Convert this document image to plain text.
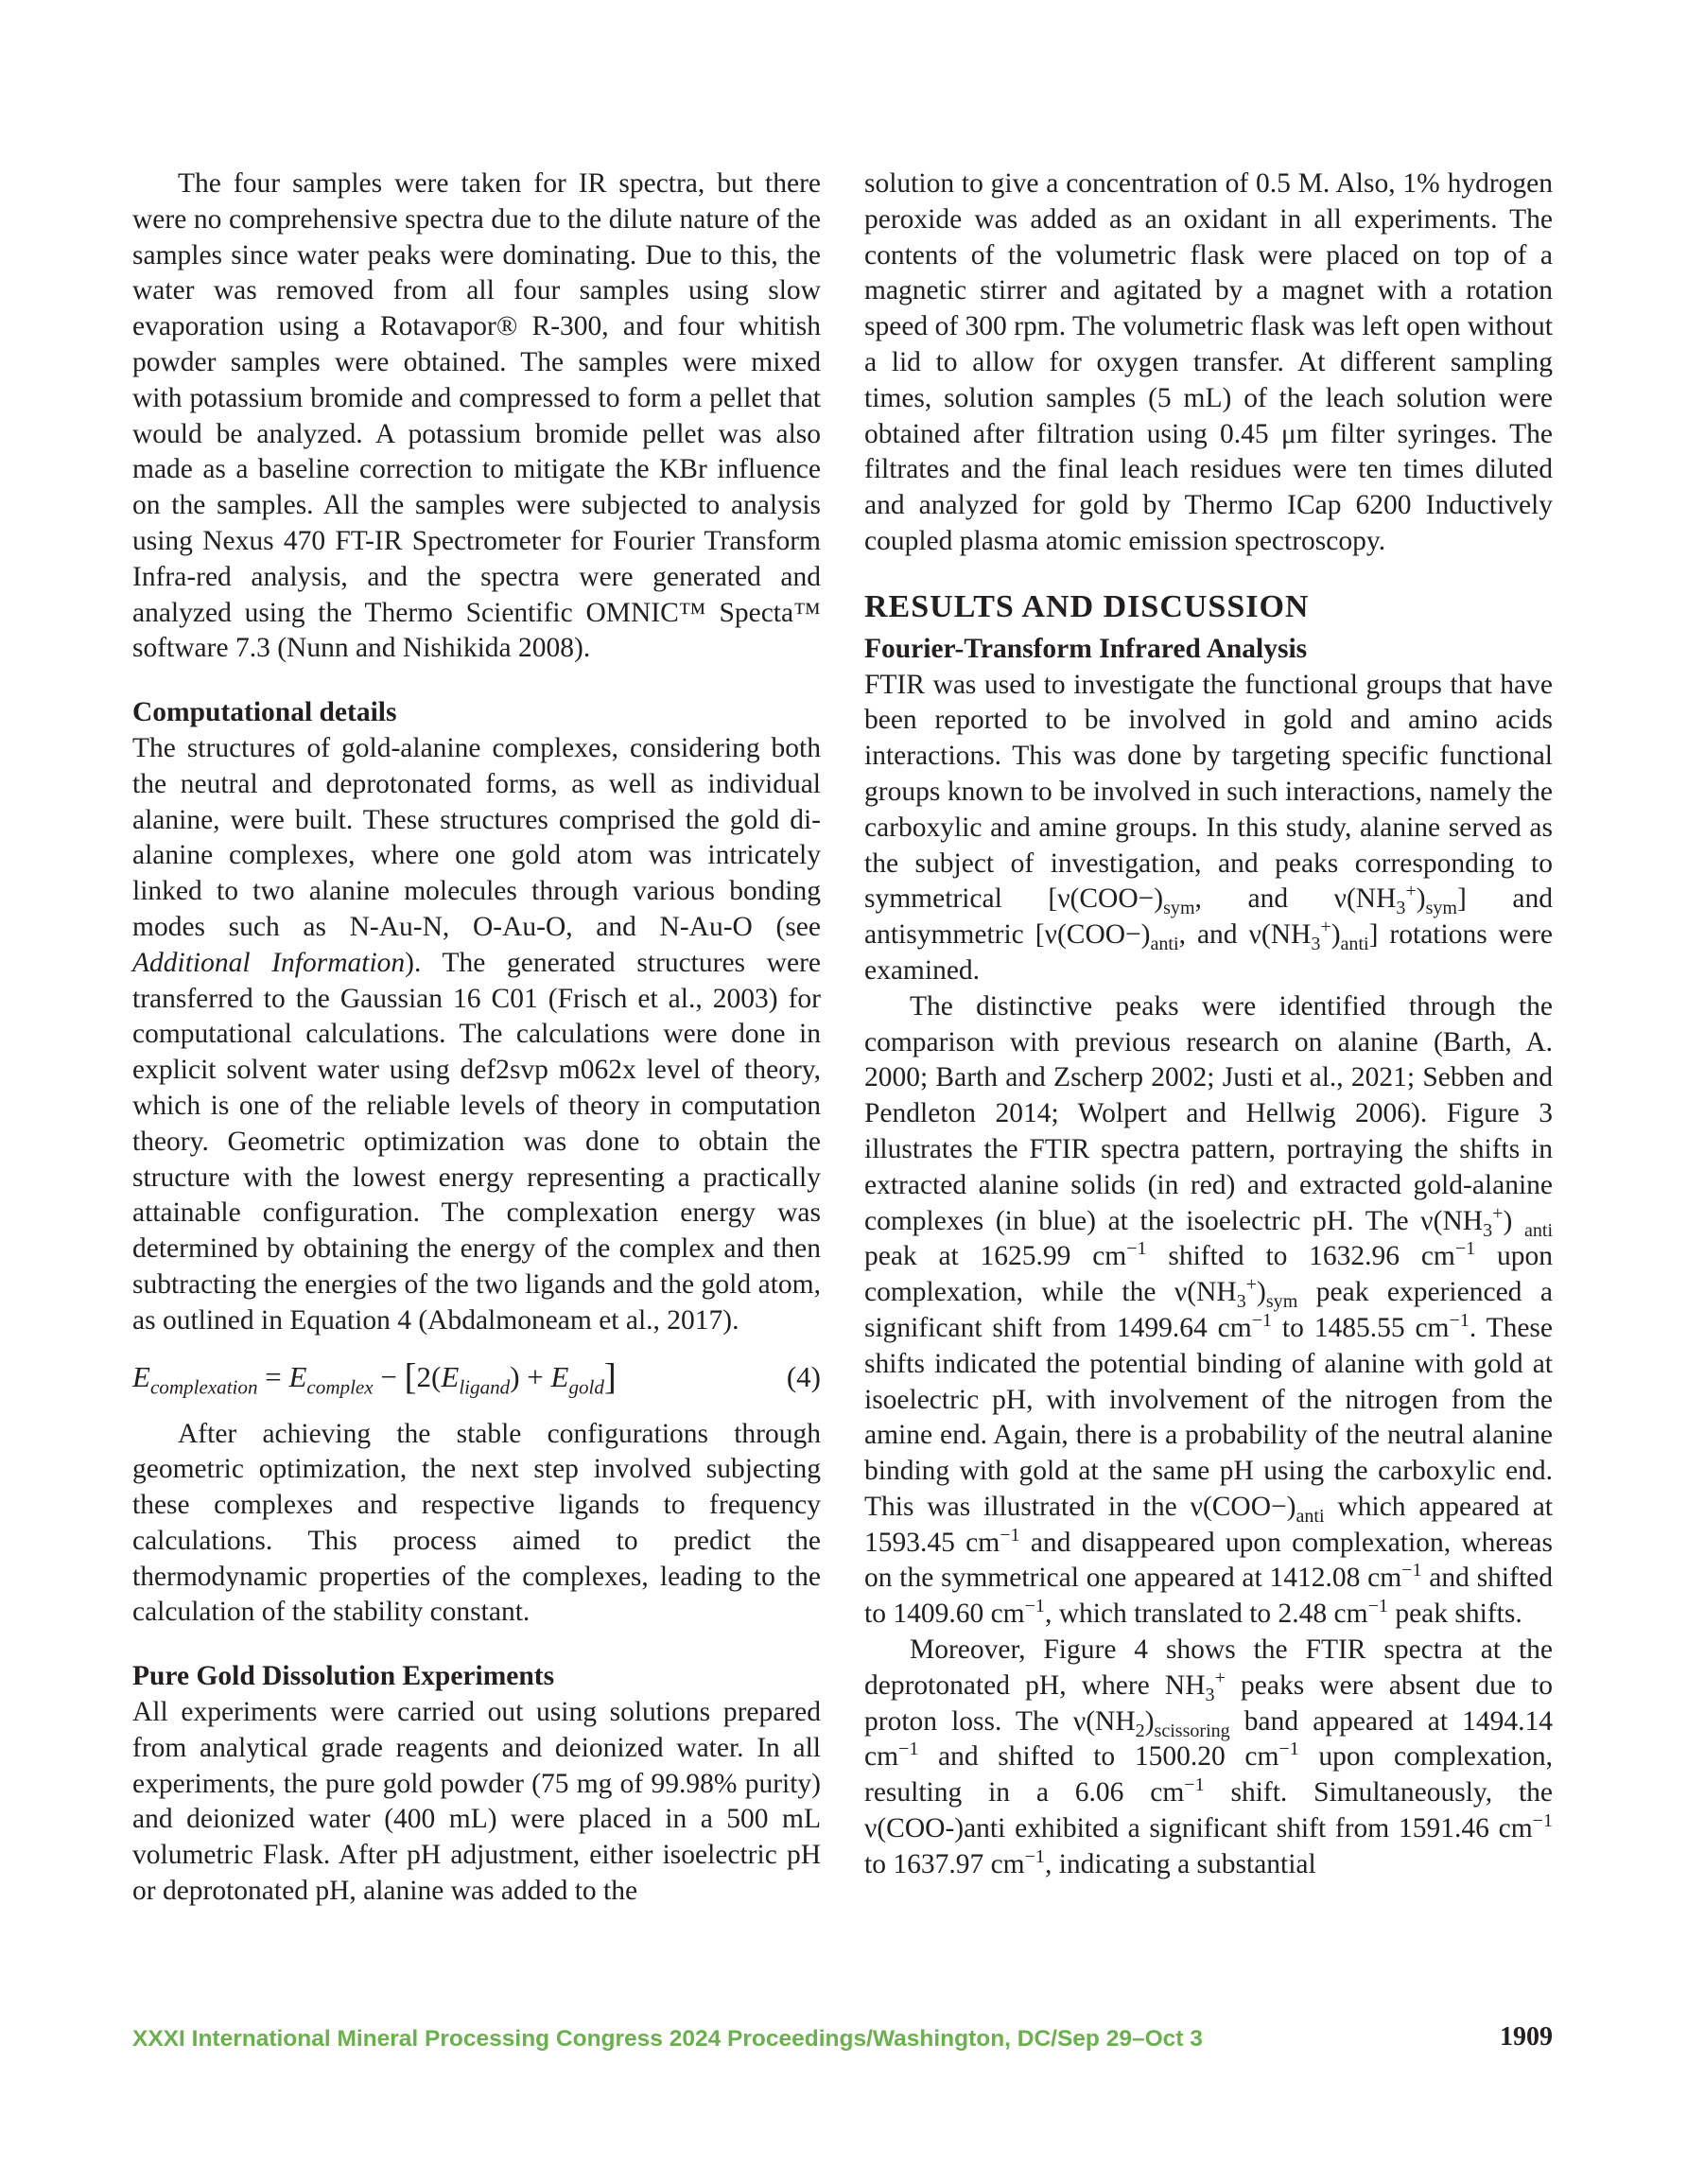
The four samples were taken for IR spectra, but there were no comprehensive spectra due to the dilute nature of the samples since water peaks were dominating. Due to this, the water was removed from all four samples using slow evaporation using a Rotavapor® R-300, and four whitish powder samples were obtained. The samples were mixed with potassium bromide and compressed to form a pellet that would be analyzed. A potassium bromide pellet was also made as a baseline correction to mitigate the KBr influence on the samples. All the samples were subjected to analysis using Nexus 470 FT-IR Spectrometer for Fourier Transform Infra-red analysis, and the spectra were generated and analyzed using the Thermo Scientific OMNIC™ Specta™ software 7.3 (Nunn and Nishikida 2008).

Computational details

The structures of gold-alanine complexes, considering both the neutral and deprotonated forms, as well as individual alanine, were built. These structures comprised the gold di-alanine complexes, where one gold atom was intricately linked to two alanine molecules through various bonding modes such as N-Au-N, O-Au-O, and N-Au-O (see Additional Information). The generated structures were transferred to the Gaussian 16 C01 (Frisch et al., 2003) for computational calculations. The calculations were done in explicit solvent water using def2svp m062x level of theory, which is one of the reliable levels of theory in computation theory. Geometric optimization was done to obtain the structure with the lowest energy representing a practically attainable configuration. The complexation energy was determined by obtaining the energy of the complex and then subtracting the energies of the two ligands and the gold atom, as outlined in Equation 4 (Abdalmoneam et al., 2017).

$E_{complexation} = E_{complex} - [2(E_{ligand}) + E_{gold}]$	(4)

After achieving the stable configurations through geometric optimization, the next step involved subjecting these complexes and respective ligands to frequency calculations. This process aimed to predict the thermodynamic properties of the complexes, leading to the calculation of the stability constant.

Pure Gold Dissolution Experiments

All experiments were carried out using solutions prepared from analytical grade reagents and deionized water. In all experiments, the pure gold powder (75 mg of 99.98% purity) and deionized water (400 mL) were placed in a 500 mL volumetric Flask. After pH adjustment, either isoelectric pH or deprotonated pH, alanine was added to the

solution to give a concentration of 0.5 M. Also, 1% hydrogen peroxide was added as an oxidant in all experiments. The contents of the volumetric flask were placed on top of a magnetic stirrer and agitated by a magnet with a rotation speed of 300 rpm. The volumetric flask was left open without a lid to allow for oxygen transfer. At different sampling times, solution samples (5 mL) of the leach solution were obtained after filtration using 0.45 μm filter syringes. The filtrates and the final leach residues were ten times diluted and analyzed for gold by Thermo ICap 6200 Inductively coupled plasma atomic emission spectroscopy.

RESULTS AND DISCUSSION
Fourier-Transform Infrared Analysis

FTIR was used to investigate the functional groups that have been reported to be involved in gold and amino acids interactions. This was done by targeting specific functional groups known to be involved in such interactions, namely the carboxylic and amine groups. In this study, alanine served as the subject of investigation, and peaks corresponding to symmetrical [$\nu(COO-)_{sym}$, and $\nu(NH_3^+)_{sym}$] and antisymmetric [$\nu(COO-)_{anti}$, and $\nu(NH_3^+)_{anti}$] rotations were examined.

The distinctive peaks were identified through the comparison with previous research on alanine (Barth, A. 2000; Barth and Zscherp 2002; Justi et al., 2021; Sebben and Pendleton 2014; Wolpert and Hellwig 2006). Figure 3 illustrates the FTIR spectra pattern, portraying the shifts in extracted alanine solids (in red) and extracted gold-alanine complexes (in blue) at the isoelectric pH. The $\nu(NH_3^+)$ $_{anti}$ peak at 1625.99 $cm^{-1}$ shifted to 1632.96 $cm^{-1}$ upon complexation, while the $\nu(NH_3^+)_{sym}$ peak experienced a significant shift from 1499.64 $cm^{-1}$ to 1485.55 $cm^{-1}$. These shifts indicated the potential binding of alanine with gold at isoelectric pH, with involvement of the nitrogen from the amine end. Again, there is a probability of the neutral alanine binding with gold at the same pH using the carboxylic end. This was illustrated in the $\nu(COO-)_{anti}$ which appeared at 1593.45 $cm^{-1}$ and disappeared upon complexation, whereas on the symmetrical one appeared at 1412.08 $cm^{-1}$ and shifted to 1409.60 $cm^{-1}$, which translated to 2.48 $cm^{-1}$ peak shifts.

Moreover, Figure 4 shows the FTIR spectra at the deprotonated pH, where $NH_3^+$ peaks were absent due to proton loss. The $\nu(NH_2)_{scissoring}$ band appeared at 1494.14 $cm^{-1}$ and shifted to 1500.20 $cm^{-1}$ upon complexation, resulting in a 6.06 $cm^{-1}$ shift. Simultaneously, the ν(COO-)anti exhibited a significant shift from 1591.46 $cm^{-1}$ to 1637.97 $cm^{-1}$, indicating a substantial

XXXI International Mineral Processing Congress 2024 Proceedings/Washington, DC/Sep 29–Oct 3	1909
